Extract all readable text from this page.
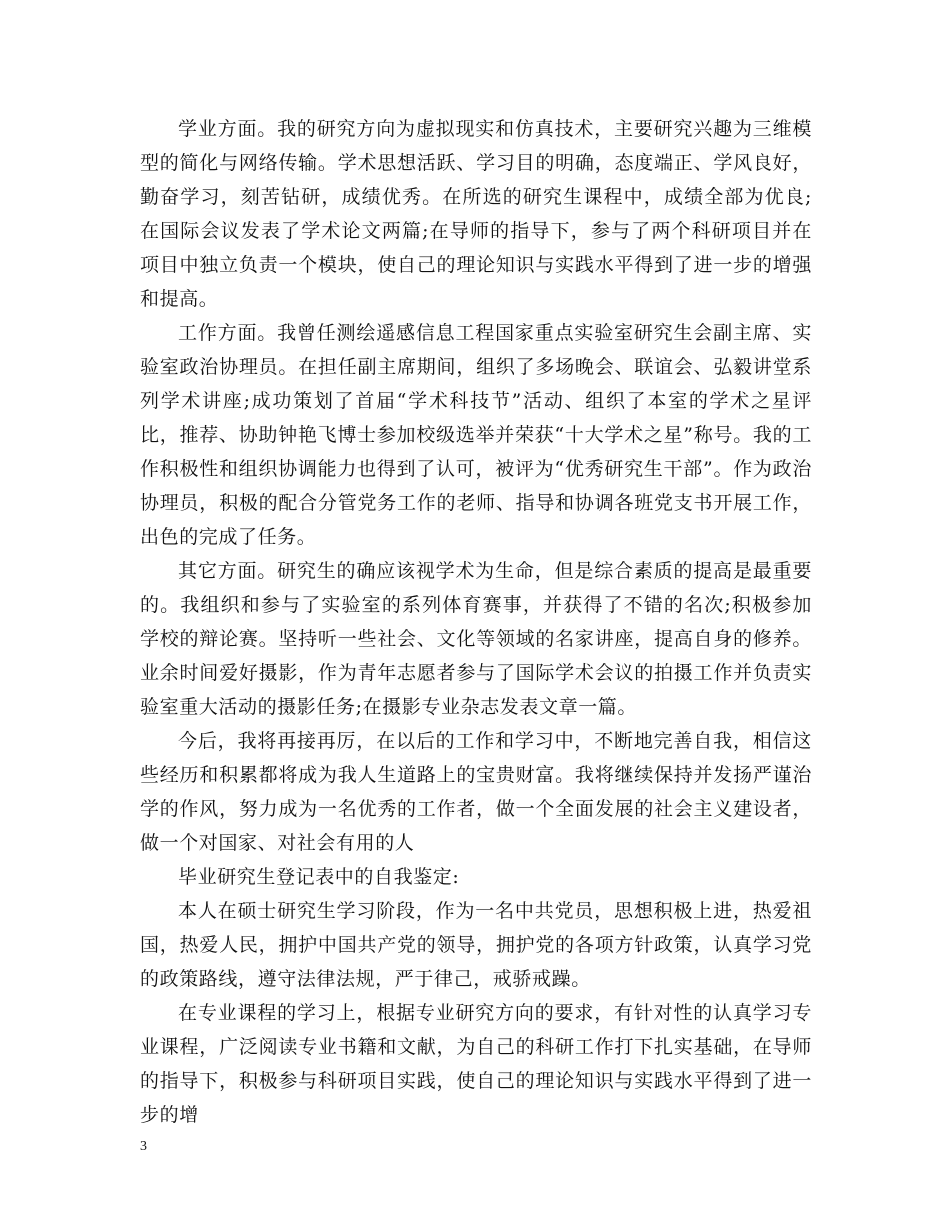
学业方面。我的研究方向为虚拟现实和仿真技术，主要研究兴趣为三维模型的简化与网络传输。学术思想活跃、学习目的明确，态度端正、学风良好，勤奋学习，刻苦钻研，成绩优秀。在所选的研究生课程中，成绩全部为优良;在国际会议发表了学术论文两篇;在导师的指导下，参与了两个科研项目并在项目中独立负责一个模块，使自己的理论知识与实践水平得到了进一步的增强和提高。

工作方面。我曾任测绘遥感信息工程国家重点实验室研究生会副主席、实验室政治协理员。在担任副主席期间，组织了多场晚会、联谊会、弘毅讲堂系列学术讲座;成功策划了首届“学术科技节”活动、组织了本室的学术之星评比，推荐、协助钟艳飞博士参加校级选举并荣获“十大学术之星”称号。我的工作积极性和组织协调能力也得到了认可，被评为“优秀研究生干部”。作为政治协理员，积极的配合分管党务工作的老师、指导和协调各班党支书开展工作，出色的完成了任务。

其它方面。研究生的确应该视学术为生命，但是综合素质的提高是最重要的。我组织和参与了实验室的系列体育赛事，并获得了不错的名次;积极参加学校的辩论赛。坚持听一些社会、文化等领域的名家讲座，提高自身的修养。业余时间爱好摄影，作为青年志愿者参与了国际学术会议的拍摄工作并负责实验室重大活动的摄影任务;在摄影专业杂志发表文章一篇。

今后，我将再接再厉，在以后的工作和学习中，不断地完善自我，相信这些经历和积累都将成为我人生道路上的宝贵财富。我将继续保持并发扬严谨治学的作风，努力成为一名优秀的工作者，做一个全面发展的社会主义建设者，做一个对国家、对社会有用的人

毕业研究生登记表中的自我鉴定:

本人在硕士研究生学习阶段，作为一名中共党员，思想积极上进，热爱祖国，热爱人民，拥护中国共产党的领导，拥护党的各项方针政策，认真学习党的政策路线，遵守法律法规，严于律己，戒骄戒躁。

在专业课程的学习上，根据专业研究方向的要求，有针对性的认真学习专业课程，广泛阅读专业书籍和文献，为自己的科研工作打下扎实基础，在导师的指导下，积极参与科研项目实践，使自己的理论知识与实践水平得到了进一步的增

3
